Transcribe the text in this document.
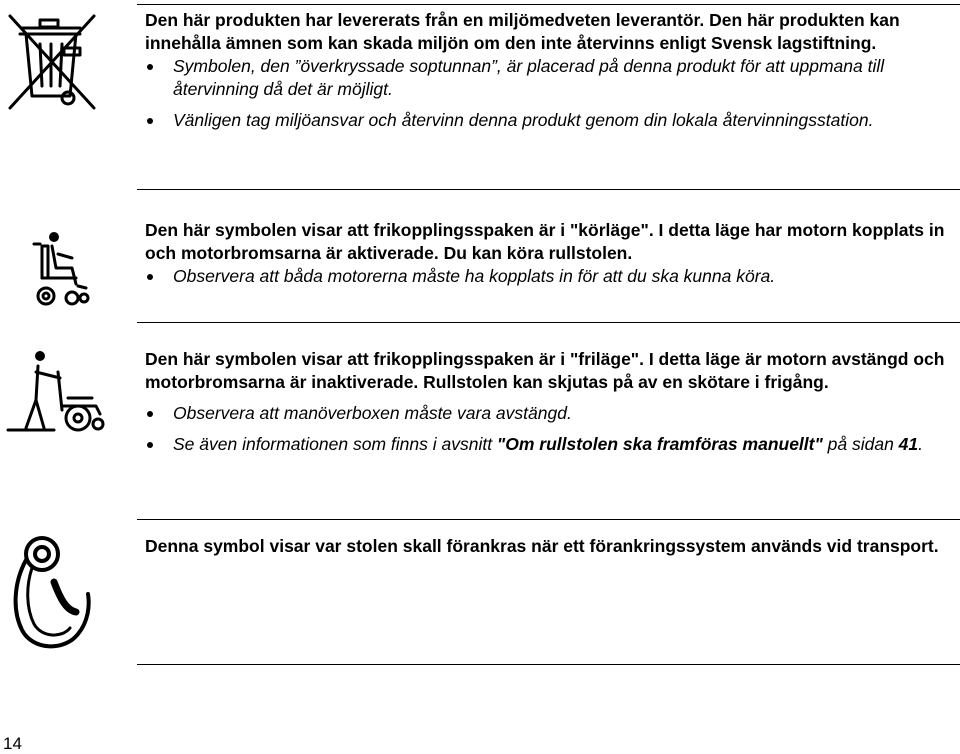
Den här produkten har levererats från en miljömedveten leverantör. Den här produkten kan innehålla ämnen som kan skada miljön om den inte återvinns enligt Svensk lagstiftning.

Symbolen, den ”överkryssade soptunnan”, är placerad på denna produkt för att uppmana till återvinning då det är möjligt.
Vänligen tag miljöansvar och återvinn denna produkt genom din lokala återvinningsstation.

Den här symbolen visar att frikopplingsspaken är i "körläge". I detta läge har motorn kopplats in och motorbromsarna är aktiverade. Du kan köra rullstolen.

Observera att båda motorerna måste ha kopplats in för att du ska kunna köra.

Den här symbolen visar att frikopplingsspaken är i "friläge". I detta läge är motorn avstängd och motorbromsarna är inaktiverade. Rullstolen kan skjutas på av en skötare i frigång.

Observera att manöverboxen måste vara avstängd.
Se även informationen som finns i avsnitt "Om rullstolen ska framföras manuellt" på sidan 41.

Denna symbol visar var stolen skall förankras när ett förankringssystem används vid transport.

14
